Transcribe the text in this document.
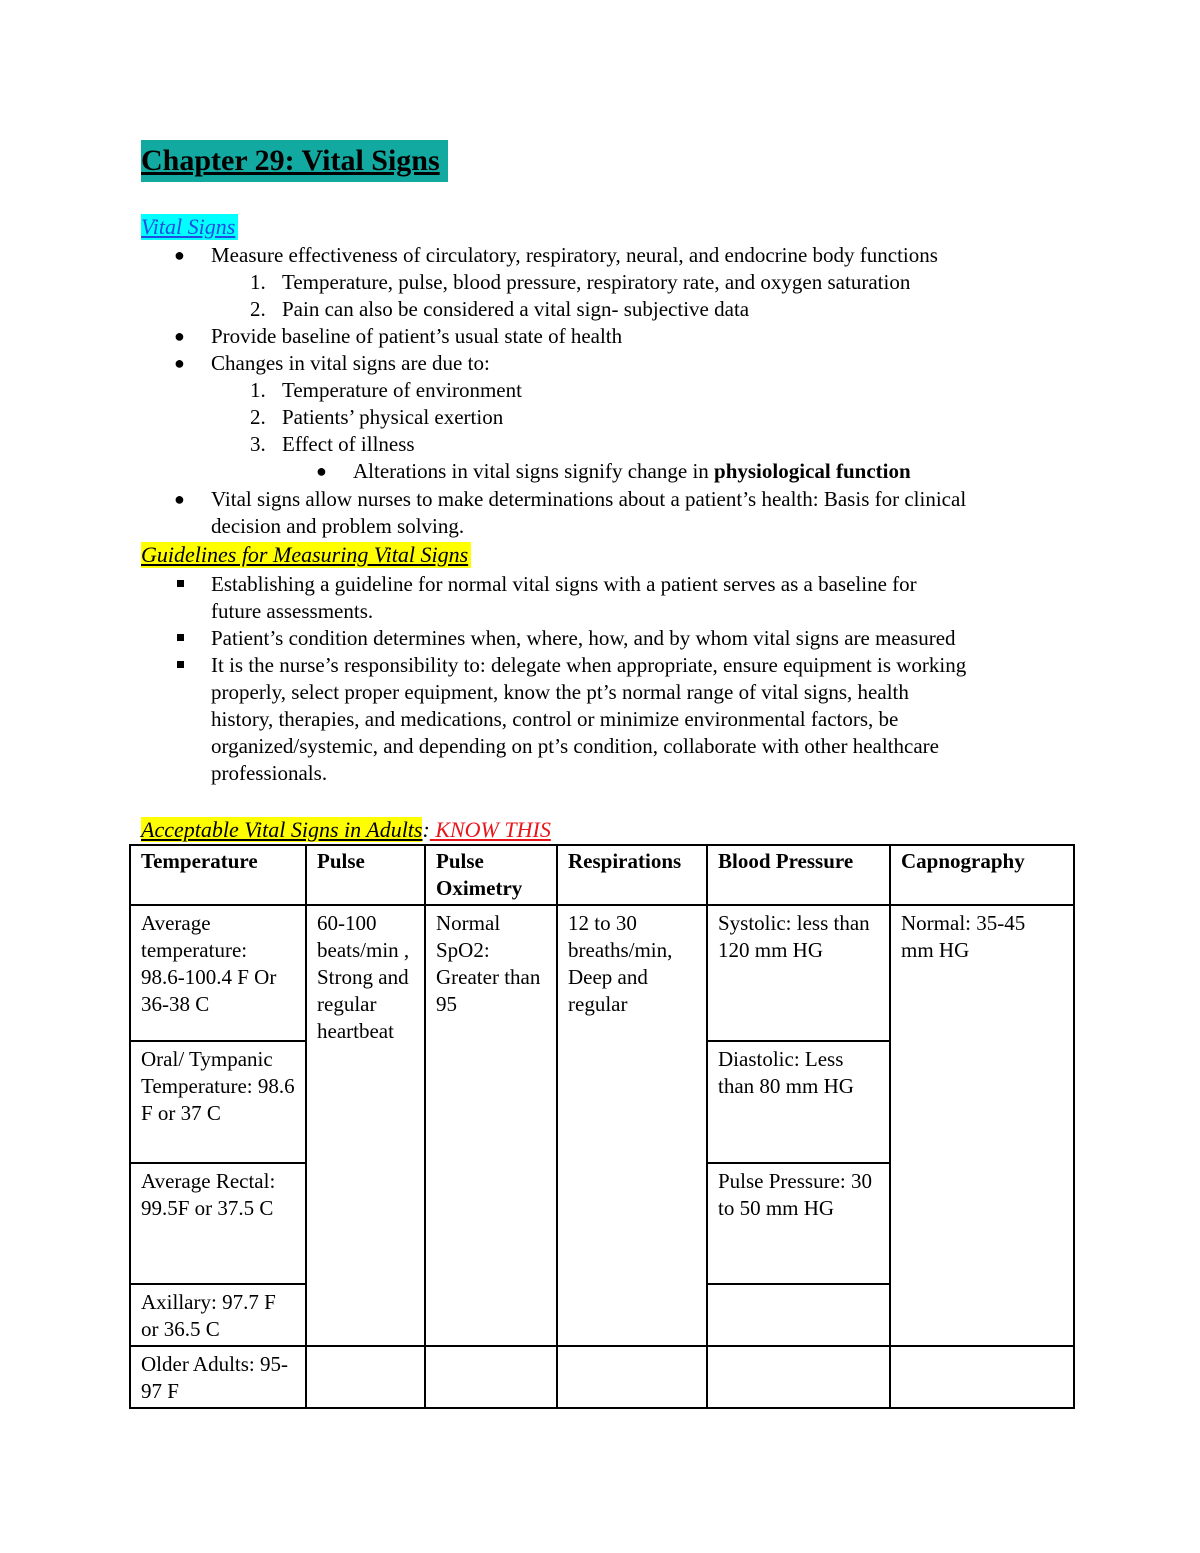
Chapter 29: Vital Signs
Vital Signs
● Measure effectiveness of circulatory, respiratory, neural, and endocrine body functions
1. Temperature, pulse, blood pressure, respiratory rate, and oxygen saturation
2. Pain can also be considered a vital sign- subjective data
● Provide baseline of patient’s usual state of health
● Changes in vital signs are due to:
1. Temperature of environment
2. Patients’ physical exertion
3. Effect of illness
● Alterations in vital signs signify change in physiological function
● Vital signs allow nurses to make determinations about a patient’s health: Basis for clinical
decision and problem solving.
Guidelines for Measuring Vital Signs
Establishing a guideline for normal vital signs with a patient serves as a baseline for
future assessments.
Patient’s condition determines when, where, how, and by whom vital signs are measured
It is the nurse’s responsibility to: delegate when appropriate, ensure equipment is working
properly, select proper equipment, know the pt’s normal range of vital signs, health
history, therapies, and medications, control or minimize environmental factors, be
organized/systemic, and depending on pt’s condition, collaborate with other healthcare
professionals.
Acceptable Vital Signs in Adults: KNOW THIS
Temperature	Pulse	Pulse Oximetry	Respirations	Blood Pressure	Capnography
Average temperature: 98.6-100.4 F Or 36-38 C	60-100 beats/min , Strong and regular heartbeat	Normal SpO2: Greater than 95	12 to 30 breaths/min, Deep and regular	Systolic: less than 120 mm HG	Normal: 35-45 mm HG
Oral/ Tympanic Temperature: 98.6 F or 37 C				Diastolic: Less than 80 mm HG	
Average Rectal: 99.5F or 37.5 C				Pulse Pressure: 30 to 50 mm HG	
Axillary: 97.7 F or 36.5 C					
Older Adults: 95-97 F					
